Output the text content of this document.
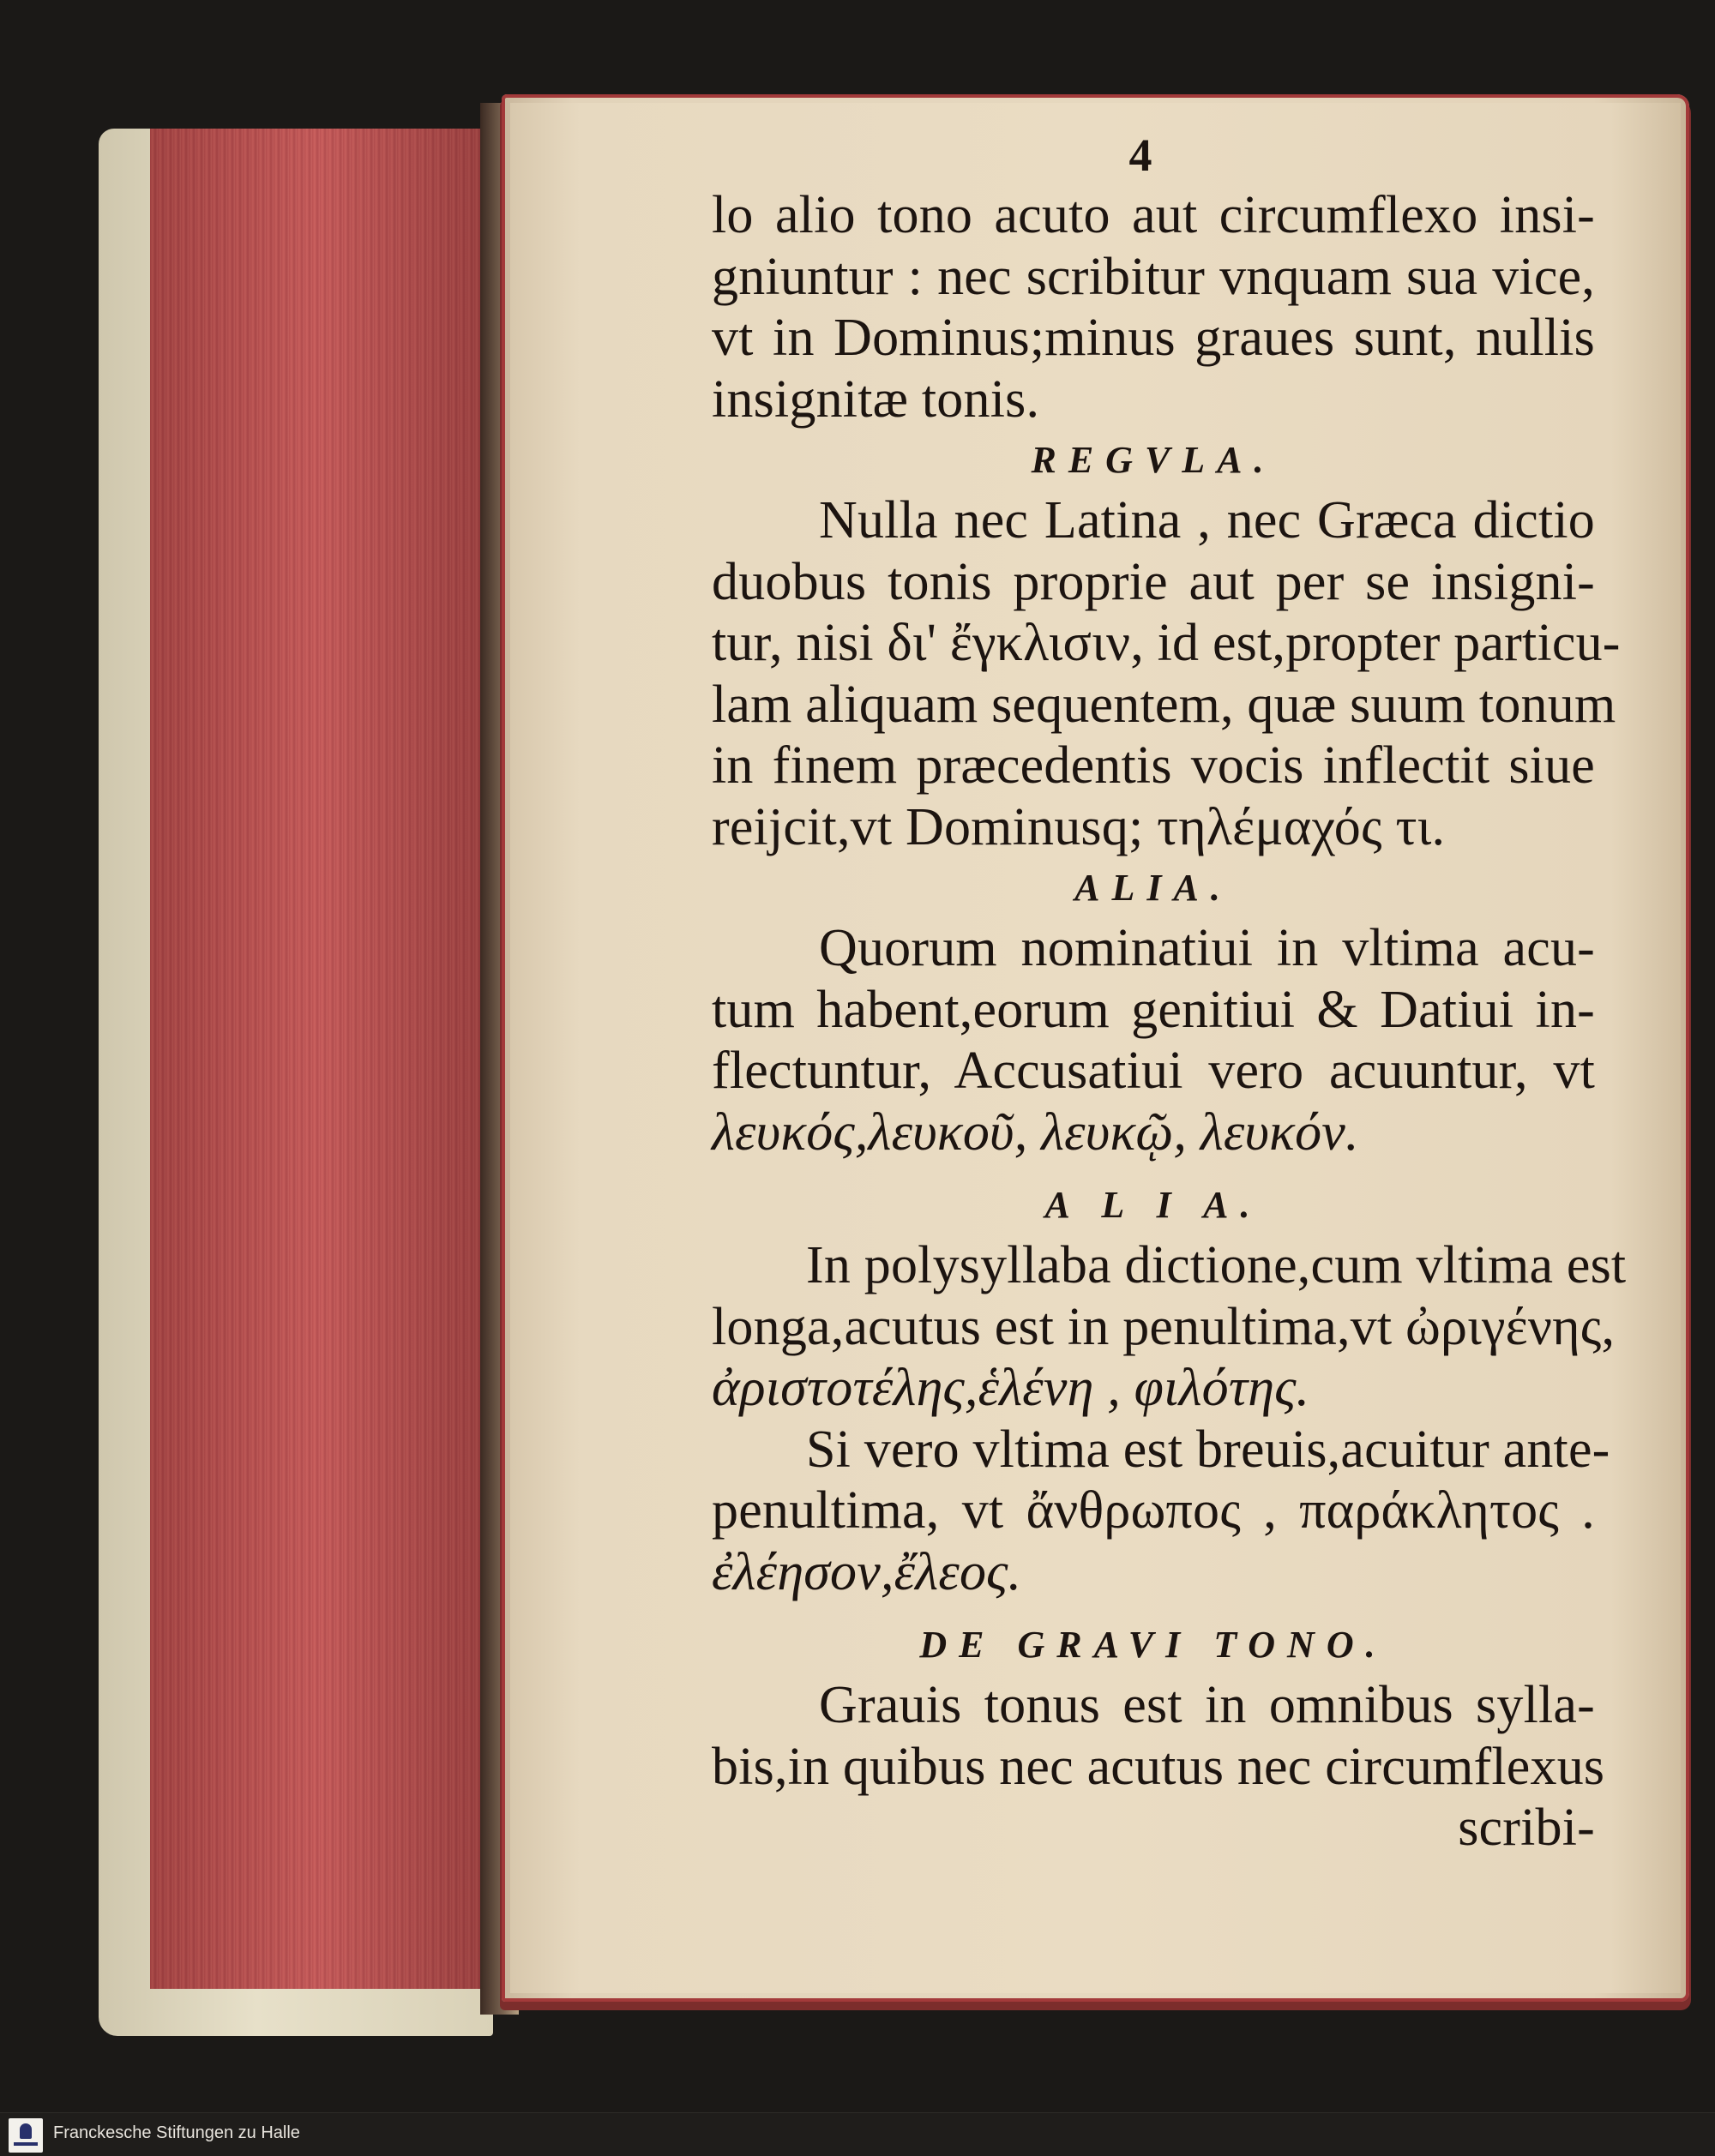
4
lo alio tono acuto aut circumflexo insi-
gniuntur : nec scribitur vnquam sua vice,
vt in Dominus;minus graues sunt, nullis
insignitæ tonis.
REGVLA.
Nulla nec Latina , nec Græca dictio
duobus tonis proprie aut per se insigni-
tur, nisi δι' ἔγκλισιν, id est,propter particu-
lam aliquam sequentem, quæ suum tonum
in finem præcedentis vocis inflectit siue
reijcit,vt Dominusq; τηλέμαχός τι.
ALIA.
Quorum nominatiui in vltima acu-
tum habent,eorum genitiui & Datiui in-
flectuntur, Accusatiui vero acuuntur, vt
λευκός,λευκοῦ, λευκῷ, λευκόν.
A L I A.
In polysyllaba dictione,cum vltima est
longa,acutus est in penultima,vt ὠριγένης,
ἀριστοτέλης,ἑλένη , φιλότης.
Si vero vltima est breuis,acuitur ante-
penultima, vt ἄνθρωπος , παράκλητος .
ἐλέησον,ἔλεος.
DE GRAVI TONO.
Grauis tonus est in omnibus sylla-
bis,in quibus nec acutus nec circumflexus
scribi-
Franckesche Stiftungen zu Halle
